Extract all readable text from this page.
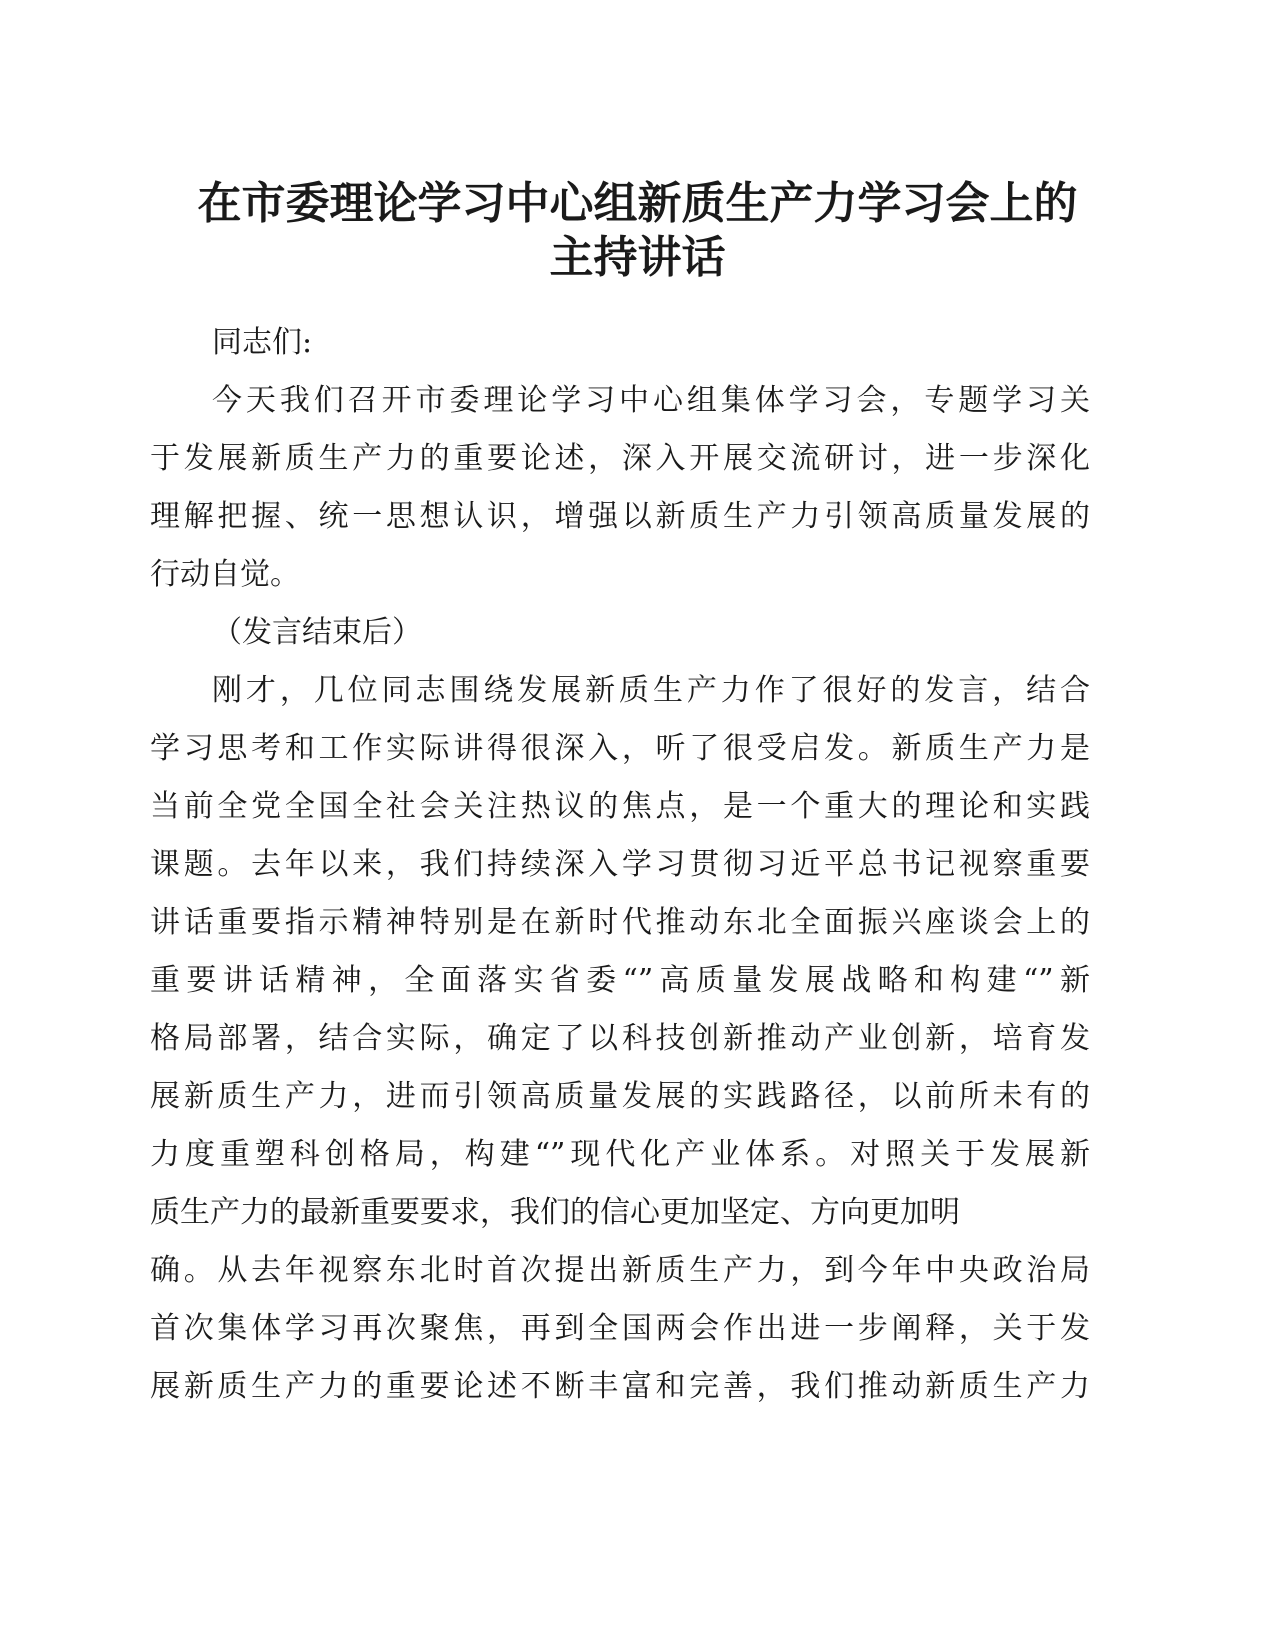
在市委理论学习中心组新质生产力学习会上的
主持讲话
同志们:
今天我们召开市委理论学习中心组集体学习会，专题学习关
于发展新质生产力的重要论述，深入开展交流研讨，进一步深化
理解把握、统一思想认识，增强以新质生产力引领高质量发展的
行动自觉。
（发言结束后）
刚才，几位同志围绕发展新质生产力作了很好的发言，结合
学习思考和工作实际讲得很深入，听了很受启发。新质生产力是
当前全党全国全社会关注热议的焦点，是一个重大的理论和实践
课题。去年以来，我们持续深入学习贯彻习近平总书记视察重要
讲话重要指示精神特别是在新时代推动东北全面振兴座谈会上的
重要讲话精神，全面落实省委“”高质量发展战略和构建“”新
格局部署，结合实际，确定了以科技创新推动产业创新，培育发
展新质生产力，进而引领高质量发展的实践路径，以前所未有的
力度重塑科创格局，构建“”现代化产业体系。对照关于发展新
质生产力的最新重要要求，我们的信心更加坚定、方向更加明
确。从去年视察东北时首次提出新质生产力，到今年中央政治局
首次集体学习再次聚焦，再到全国两会作出进一步阐释，关于发
展新质生产力的重要论述不断丰富和完善，我们推动新质生产力
